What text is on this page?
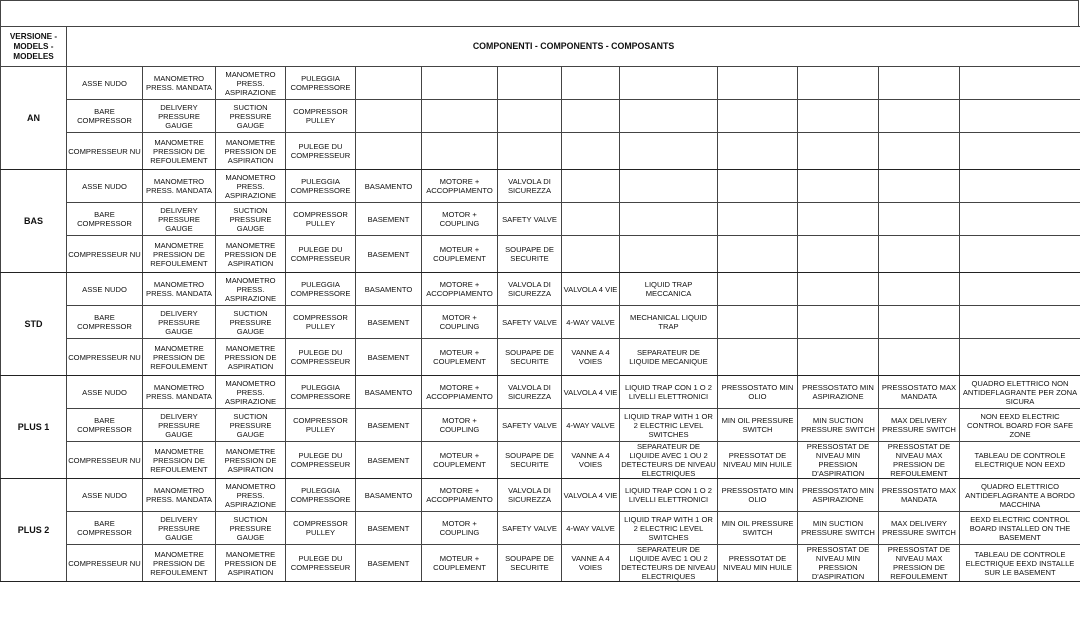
VERSIONE - MODELS - MODELES	COMPONENTI - COMPONENTS - COMPOSANTS												
AN	ASSE NUDO	MANOMETRO PRESS. MANDATA	MANOMETRO PRESS. ASPIRAZIONE	PULEGGIA COMPRESSORE									
	BARE COMPRESSOR	DELIVERY PRESSURE GAUGE	SUCTION PRESSURE GAUGE	COMPRESSOR PULLEY									
	COMPRESSEUR NU	MANOMETRE PRESSION DE REFOULEMENT	MANOMETRE PRESSION DE ASPIRATION	PULEGE DU COMPRESSEUR									
BAS	ASSE NUDO	MANOMETRO PRESS. MANDATA	MANOMETRO PRESS. ASPIRAZIONE	PULEGGIA COMPRESSORE	BASAMENTO	MOTORE + ACCOPPIAMENTO	VALVOLA DI SICUREZZA						
	BARE COMPRESSOR	DELIVERY PRESSURE GAUGE	SUCTION PRESSURE GAUGE	COMPRESSOR PULLEY	BASEMENT	MOTOR + COUPLING	SAFETY VALVE						
	COMPRESSEUR NU	MANOMETRE PRESSION DE REFOULEMENT	MANOMETRE PRESSION DE ASPIRATION	PULEGE DU COMPRESSEUR	BASEMENT	MOTEUR + COUPLEMENT	SOUPAPE DE SECURITE						
STD	ASSE NUDO	MANOMETRO PRESS. MANDATA	MANOMETRO PRESS. ASPIRAZIONE	PULEGGIA COMPRESSORE	BASAMENTO	MOTORE + ACCOPPIAMENTO	VALVOLA DI SICUREZZA	VALVOLA 4 VIE	LIQUID TRAP MECCANICA				
	BARE COMPRESSOR	DELIVERY PRESSURE GAUGE	SUCTION PRESSURE GAUGE	COMPRESSOR PULLEY	BASEMENT	MOTOR + COUPLING	SAFETY VALVE	4-WAY VALVE	MECHANICAL LIQUID TRAP				
	COMPRESSEUR NU	MANOMETRE PRESSION DE REFOULEMENT	MANOMETRE PRESSION DE ASPIRATION	PULEGE DU COMPRESSEUR	BASEMENT	MOTEUR + COUPLEMENT	SOUPAPE DE SECURITE	VANNE A 4 VOIES	SEPARATEUR DE LIQUIDE MECANIQUE				
PLUS 1	ASSE NUDO	MANOMETRO PRESS. MANDATA	MANOMETRO PRESS. ASPIRAZIONE	PULEGGIA COMPRESSORE	BASAMENTO	MOTORE + ACCOPPIAMENTO	VALVOLA DI SICUREZZA	VALVOLA 4 VIE	LIQUID TRAP CON 1 O 2 LIVELLI ELETTRONICI	PRESSOSTATO MIN OLIO	PRESSOSTATO MIN ASPIRAZIONE	PRESSOSTATO MAX MANDATA	QUADRO ELETTRICO NON ANTIDEFLAGRANTE PER ZONA SICURA
	BARE COMPRESSOR	DELIVERY PRESSURE GAUGE	SUCTION PRESSURE GAUGE	COMPRESSOR PULLEY	BASEMENT	MOTOR + COUPLING	SAFETY VALVE	4-WAY VALVE	LIQUID TRAP WITH 1 OR 2 ELECTRIC LEVEL SWITCHES	MIN OIL PRESSURE SWITCH	MIN SUCTION PRESSURE SWITCH	MAX DELIVERY PRESSURE SWITCH	NON EEXD ELECTRIC CONTROL BOARD FOR SAFE ZONE
	COMPRESSEUR NU	MANOMETRE PRESSION DE REFOULEMENT	MANOMETRE PRESSION DE ASPIRATION	PULEGE DU COMPRESSEUR	BASEMENT	MOTEUR + COUPLEMENT	SOUPAPE DE SECURITE	VANNE A 4 VOIES	SEPARATEUR DE LIQUIDE AVEC 1 OU 2 DETECTEURS DE NIVEAU ELECTRIQUES	PRESSOTAT DE NIVEAU MIN HUILE	PRESSOSTAT DE NIVEAU MIN PRESSION D'ASPIRATION	PRESSOSTAT DE NIVEAU MAX PRESSION DE REFOULEMENT	TABLEAU DE CONTROLE ELECTRIQUE NON EEXD
PLUS 2	ASSE NUDO	MANOMETRO PRESS. MANDATA	MANOMETRO PRESS. ASPIRAZIONE	PULEGGIA COMPRESSORE	BASAMENTO	MOTORE + ACCOPPIAMENTO	VALVOLA DI SICUREZZA	VALVOLA 4 VIE	LIQUID TRAP CON 1 O 2 LIVELLI ELETTRONICI	PRESSOSTATO MIN OLIO	PRESSOSTATO MIN ASPIRAZIONE	PRESSOSTATO MAX MANDATA	QUADRO ELETTRICO ANTIDEFLAGRANTE A BORDO MACCHINA
	BARE COMPRESSOR	DELIVERY PRESSURE GAUGE	SUCTION PRESSURE GAUGE	COMPRESSOR PULLEY	BASEMENT	MOTOR + COUPLING	SAFETY VALVE	4-WAY VALVE	LIQUID TRAP WITH 1 OR 2 ELECTRIC LEVEL SWITCHES	MIN OIL PRESSURE SWITCH	MIN SUCTION PRESSURE SWITCH	MAX DELIVERY PRESSURE SWITCH	EEXD ELECTRIC CONTROL BOARD INSTALLED ON THE BASEMENT
	COMPRESSEUR NU	MANOMETRE PRESSION DE REFOULEMENT	MANOMETRE PRESSION DE ASPIRATION	PULEGE DU COMPRESSEUR	BASEMENT	MOTEUR + COUPLEMENT	SOUPAPE DE SECURITE	VANNE A 4 VOIES	SEPARATEUR DE LIQUIDE AVEC 1 OU 2 DETECTEURS DE NIVEAU ELECTRIQUES	PRESSOTAT DE NIVEAU MIN HUILE	PRESSOSTAT DE NIVEAU MIN PRESSION D'ASPIRATION	PRESSOSTAT DE NIVEAU MAX PRESSION DE REFOULEMENT	TABLEAU DE CONTROLE ELECTRIQUE EEXD INSTALLE SUR LE BASEMENT
